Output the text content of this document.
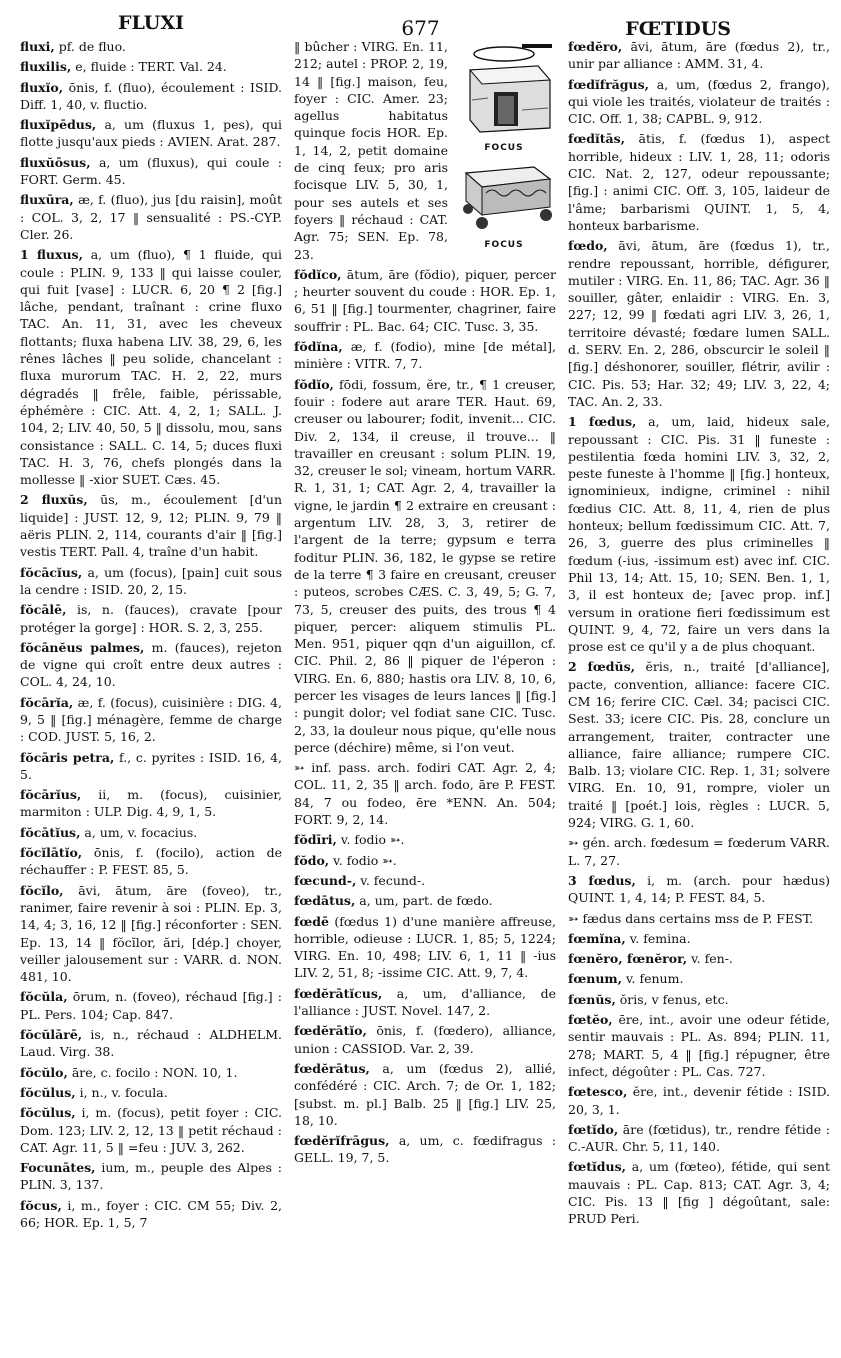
FLUXI	677	FŒTIDUS

fluxi, pf. de fluo.

fluxilis, e, fluide : TERT. Val. 24.

fluxĭo, ōnis, f. (fluo), écoulement : ISID. Diff. 1, 40, v. fluctio.

fluxĭpēdus, a, um (fluxus 1, pes), qui flotte jusqu'aux pieds : AVIEN. Arat. 287.

fluxŭōsus, a, um (fluxus), qui coule : FORT. Germ. 45.

fluxūra, æ, f. (fluo), jus [du raisin], moût : COL. 3, 2, 17 ‖ sensualité : PS.-CYP. Cler. 26.

1 fluxus, a, um (fluo), ¶ 1 fluide, qui coule : PLIN. 9, 133 ‖ qui laisse couler, qui fuit [vase] : LUCR. 6, 20 ¶ 2 [fig.] lâche, pendant, traînant : crine fluxo TAC. An. 11, 31, avec les cheveux flottants; fluxa habena LIV. 38, 29, 6, les rênes lâches ‖ peu solide, chancelant : fluxa murorum TAC. H. 2, 22, murs dégradés ‖ frêle, faible, périssable, éphémère : CIC. Att. 4, 2, 1; SALL. J. 104, 2; LIV. 40, 50, 5 ‖ dissolu, mou, sans consistance : SALL. C. 14, 5; duces fluxi TAC. H. 3, 76, chefs plongés dans la mollesse ‖ -xior SUET. Cæs. 45.

2 fluxŭs, ūs, m., écoulement [d'un liquide] : JUST. 12, 9, 12; PLIN. 9, 79 ‖ aëris PLIN. 2, 114, courants d'air ‖ [fig.] vestis TERT. Pall. 4, traîne d'un habit.

fŏcācĭus, a, um (focus), [pain] cuit sous la cendre : ISID. 20, 2, 15.

fŏcālē, is, n. (fauces), cravate [pour protéger la gorge] : HOR. S. 2, 3, 255.

fŏcānĕus palmes, m. (fauces), rejeton de vigne qui croît entre deux autres : COL. 4, 24, 10.

fŏcārĭa, æ, f. (focus), cuisinière : DIG. 4, 9, 5 ‖ [fig.] ménagère, femme de charge : COD. JUST. 5, 16, 2.

fŏcāris petra, f., c. pyrites : ISID. 16, 4, 5.

fŏcārĭus, ii, m. (focus), cuisinier, marmiton : ULP. Dig. 4, 9, 1, 5.

fŏcātĭus, a, um, v. focacius.

fŏcĭlātĭo, ōnis, f. (focilo), action de réchauffer : P. FEST. 85, 5.

fŏcĭlo, āvi, ātum, āre (foveo), tr., ranimer, faire revenir à soi : PLIN. Ep. 3, 14, 4; 3, 16, 12 ‖ [fig.] réconforter : SEN. Ep. 13, 14 ‖ fŏcĭlor, ări, [dép.] choyer, veiller jalousement sur : VARR. d. NON. 481, 10.

fŏcŭla, ōrum, n. (foveo), réchaud [fig.] : PL. Pers. 104; Cap. 847.

fŏcŭlārē, is, n., réchaud : ALDHELM. Laud. Virg. 38.

fŏcŭlo, āre, c. focilo : NON. 10, 1.

fŏcŭlus, i, n., v. focula.

fŏcŭlus, i, m. (focus), petit foyer : CIC. Dom. 123; LIV. 2, 12, 13 ‖ petit réchaud : CAT. Agr. 11, 5 ‖ =feu : JUV. 3, 262.

Focunātes, ium, m., peuple des Alpes : PLIN. 3, 137.

fŏcus, i, m., foyer : CIC. CM 55; Div. 2, 66; HOR. Ep. 1, 5, 7

FOCUS
FOCUS

‖ bûcher : VIRG. En. 11, 212; autel : PROP. 2, 19, 14 ‖ [fig.] maison, feu, foyer : CIC. Amer. 23; agellus habitatus quinque focis HOR. Ep. 1, 14, 2, petit domaine de cinq feux; pro aris focisque LIV. 5, 30, 1, pour ses autels et ses foyers ‖ réchaud : CAT. Agr. 75; SEN. Ep. 78, 23.

fŏdĭco, ātum, āre (fŏdio), piquer, percer ; heurter souvent du coude : HOR. Ep. 1, 6, 51 ‖ [fig.] tourmenter, chagriner, faire souffrir : PL. Bac. 64; CIC. Tusc. 3, 35.

fŏdĭna, æ, f. (fodio), mine [de métal], minière : VITR. 7, 7.

fŏdĭo, fōdi, fossum, ĕre, tr., ¶ 1 creuser, fouir : fodere aut arare TER. Haut. 69, creuser ou labourer; fodit, invenit... CIC. Div. 2, 134, il creuse, il trouve... ‖ travailler en creusant : solum PLIN. 19, 32, creuser le sol; vineam, hortum VARR. R. 1, 31, 1; CAT. Agr. 2, 4, travailler la vigne, le jardin ¶ 2 extraire en creusant : argentum LIV. 28, 3, 3, retirer de l'argent de la terre; gypsum e terra foditur PLIN. 36, 182, le gypse se retire de la terre ¶ 3 faire en creusant, creuser : puteos, scrobes CÆS. C. 3, 49, 5; G. 7, 73, 5, creuser des puits, des trous ¶ 4 piquer, percer: aliquem stimulis PL. Men. 951, piquer qqn d'un aiguillon, cf. CIC. Phil. 2, 86 ‖ piquer de l'éperon : VIRG. En. 6, 880; hastis ora LIV. 8, 10, 6, percer les visages de leurs lances ‖ [fig.] : pungit dolor; vel fodiat sane CIC. Tusc. 2, 33, la douleur nous pique, qu'elle nous perce (déchire) même, si l'on veut.

➳ inf. pass. arch. fodiri CAT. Agr. 2, 4; COL. 11, 2, 35 ‖ arch. fodo, āre P. FEST. 84, 7 ou fodeo, ēre *ENN. An. 504; FORT. 9, 2, 14.

fŏdīri, v. fodio ➳.

fŏdo, v. fodio ➳.

fœcund-, v. fecund-.

fœdātus, a, um, part. de fœdo.

fœdē (fœdus 1) d'une manière affreuse, horrible, odieuse : LUCR. 1, 85; 5, 1224; VIRG. En. 10, 498; LIV. 6, 1, 11 ‖ -ius LIV. 2, 51, 8; -issime CIC. Att. 9, 7, 4.

fœdĕrātĭcus, a, um, d'alliance, de l'alliance : JUST. Novel. 147, 2.

fœdĕrātĭo, ōnis, f. (fœdero), alliance, union : CASSIOD. Var. 2, 39.

fœdĕrātus, a, um (fœdus 2), allié, confédéré : CIC. Arch. 7; de Or. 1, 182; [subst. m. pl.] Balb. 25 ‖ [fig.] LIV. 25, 18, 10.

fœdĕrĭfrāgus, a, um, c. fœdifragus : GELL. 19, 7, 5.

fœdĕro, āvi, ātum, āre (fœdus 2), tr., unir par alliance : AMM. 31, 4.

fœdĭfrăgus, a, um, (fœdus 2, frango), qui viole les traités, violateur de traités : CIC. Off. 1, 38; CAPBL. 9, 912.

fœdĭtās, ātis, f. (fœdus 1), aspect horrible, hideux : LIV. 1, 28, 11; odoris CIC. Nat. 2, 127, odeur repoussante; [fig.] : animi CIC. Off. 3, 105, laideur de l'âme; barbarismi QUINT. 1, 5, 4, honteux barbarisme.

fœdo, āvi, ātum, āre (fœdus 1), tr., rendre repoussant, horrible, défigurer, mutiler : VIRG. En. 11, 86; TAC. Agr. 36 ‖ souiller, gâter, enlaidir : VIRG. En. 3, 227; 12, 99 ‖ fœdati agri LIV. 3, 26, 1, territoire dévasté; fœdare lumen SALL. d. SERV. En. 2, 286, obscurcir le soleil ‖ [fig.] déshonorer, souiller, flétrir, avilir : CIC. Pis. 53; Har. 32; 49; LIV. 3, 22, 4; TAC. An. 2, 33.

1 fœdus, a, um, laid, hideux sale, repoussant : CIC. Pis. 31 ‖ funeste : pestilentia fœda homini LIV. 3, 32, 2, peste funeste à l'homme ‖ [fig.] honteux, ignominieux, indigne, criminel : nihil fœdius CIC. Att. 8, 11, 4, rien de plus honteux; bellum fœdissimum CIC. Att. 7, 26, 3, guerre des plus criminelles ‖ fœdum (-ius, -issimum est) avec inf. CIC. Phil 13, 14; Att. 15, 10; SEN. Ben. 1, 1, 3, il est honteux de; [avec prop. inf.] versum in oratione fieri fœdissimum est QUINT. 9, 4, 72, faire un vers dans la prose est ce qu'il y a de plus choquant.

2 fœdŭs, ĕris, n., traité [d'alliance], pacte, convention, alliance: facere CIC. CM 16; ferire CIC. Cæl. 34; pacisci CIC. Sest. 33; icere CIC. Pis. 28, conclure un arrangement, traiter, contracter une alliance, faire alliance; rumpere CIC. Balb. 13; violare CIC. Rep. 1, 31; solvere VIRG. En. 10, 91, rompre, violer un traité ‖ [poét.] lois, règles : LUCR. 5, 924; VIRG. G. 1, 60.

➳ gén. arch. fœdesum = fœderum VARR. L. 7, 27.

3 fœdus, i, m. (arch. pour hædus) QUINT. 1, 4, 14; P. FEST. 84, 5.

➳ fædus dans certains mss de P. FEST.

fœmĭna, v. femina.

fœnĕro, fœnĕror, v. fen-.

fœnum, v. fenum.

fœnŭs, ŏris, v fenus, etc.

fœtĕo, ēre, int., avoir une odeur fétide, sentir mauvais : PL. As. 894; PLIN. 11, 278; MART. 5, 4 ‖ [fig.] répugner, être infect, dégoûter : PL. Cas. 727.

fœtesco, ĕre, int., devenir fétide : ISID. 20, 3, 1.

fœtĭdo, āre (fœtidus), tr., rendre fétide : C.-AUR. Chr. 5, 11, 140.

fœtĭdus, a, um (fœteo), fétide, qui sent mauvais : PL. Cap. 813; CAT. Agr. 3, 4; CIC. Pis. 13 ‖ [fig ] dégoûtant, sale: PRUD Peri.
